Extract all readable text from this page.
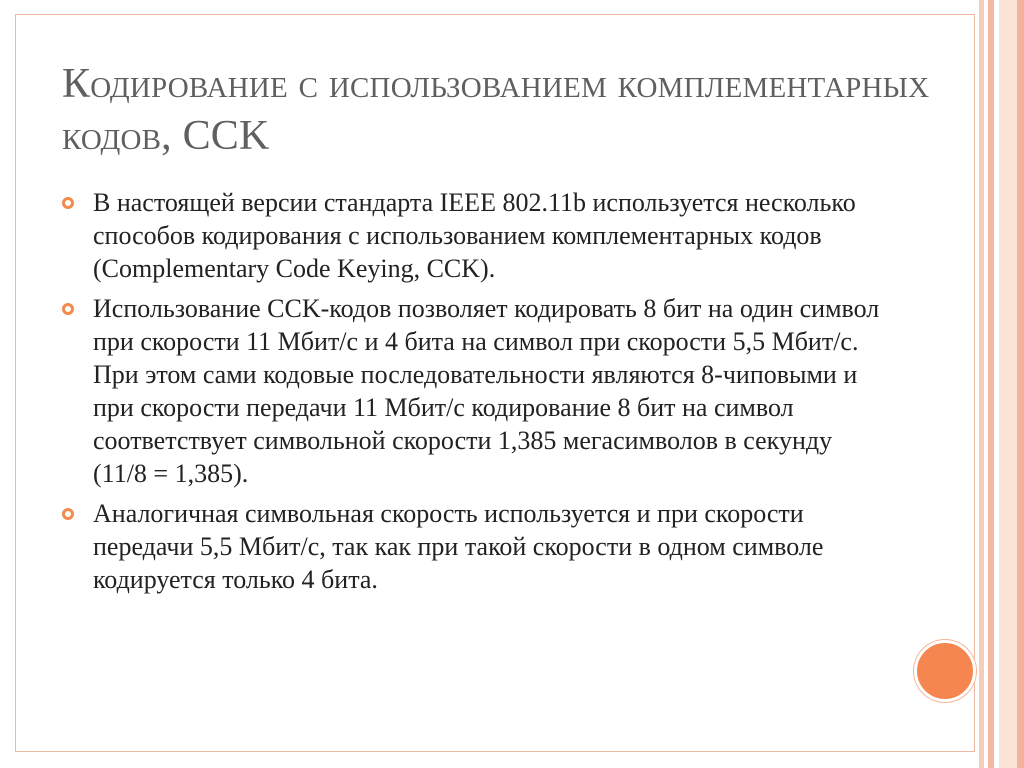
Кодирование с использованием комплементарных кодов, CCK
В настоящей версии стандарта IEEE 802.11b используется несколько способов кодирования с использованием комплементарных кодов (Complementary Code Keying, CCK).
Использование CCK-кодов позволяет кодировать 8 бит на один символ при скорости 11 Мбит/с и 4 бита на символ при скорости 5,5 Мбит/с. При этом сами кодовые последовательности являются 8-чиповыми и при скорости передачи 11 Мбит/с кодирование 8 бит на символ соответствует символьной скорости 1,385 мегасимволов в секунду (11/8 = 1,385).
Аналогичная символьная скорость используется и при скорости передачи 5,5 Мбит/с, так как при такой скорости в одном символе кодируется только 4 бита.
